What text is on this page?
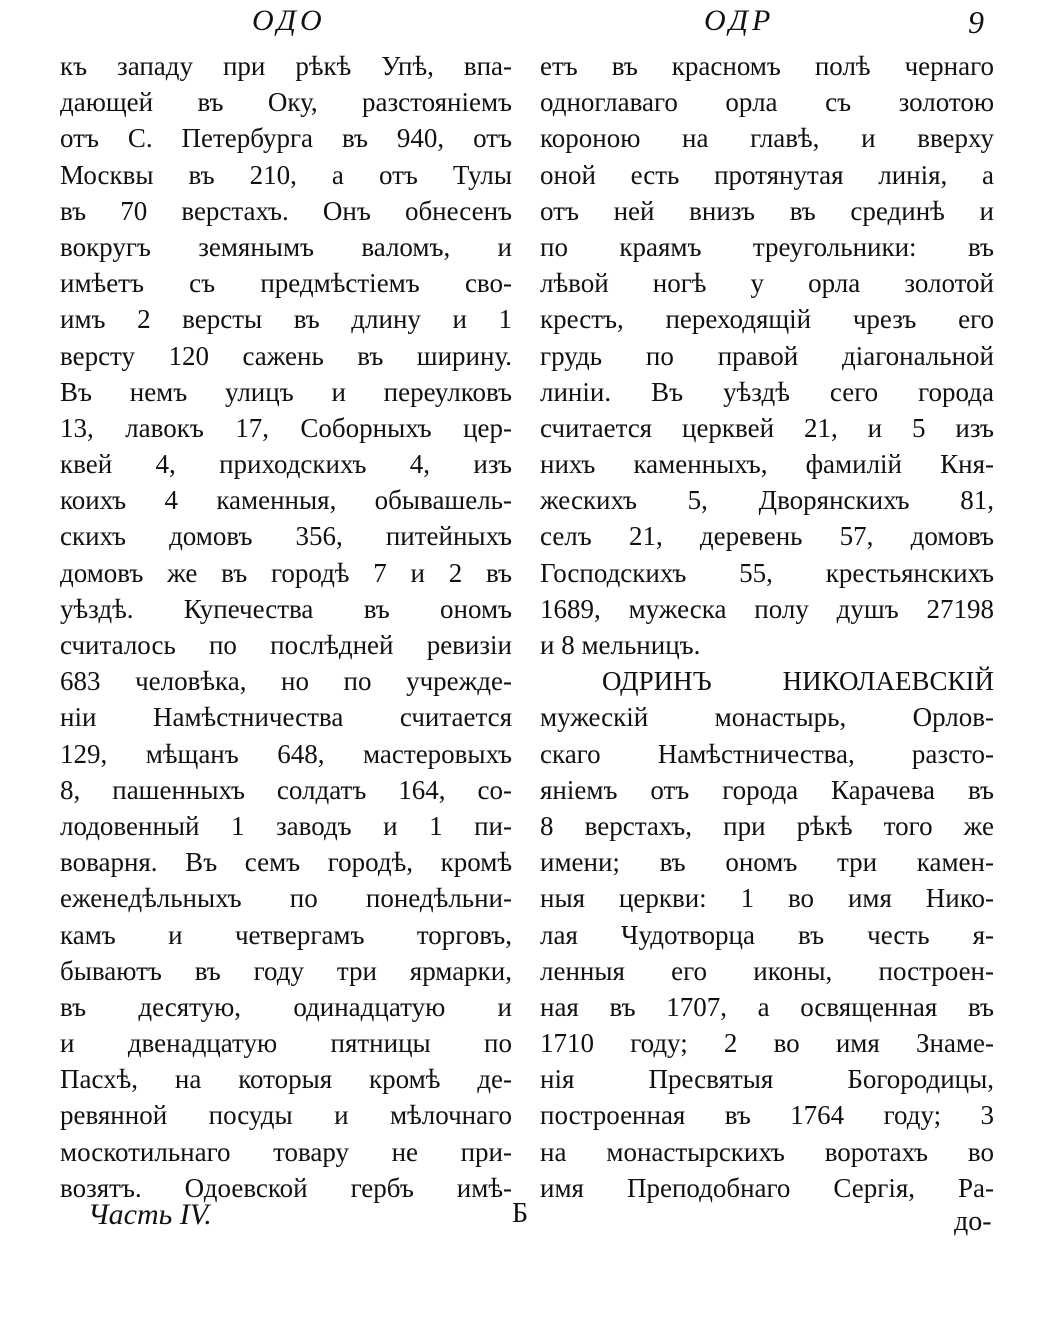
ОДО	ОДР	9
къ западу при рѣкѣ Упѣ, впа-
дающей въ Оку, разстояніемъ
отъ С. Петербурга въ 940, отъ
Москвы въ 210, а отъ Тулы
въ 70 верстахъ. Онъ обнесенъ
вокругъ земянымъ валомъ, и
имѣетъ съ предмѣстіемъ сво-
имъ 2 версты въ длину и 1
версту 120 сажень въ ширину.
Въ немъ улицъ и переулковъ
13, лавокъ 17, Соборныхъ цер-
квей 4, приходскихъ 4, изъ
коихъ 4 каменныя, обывашель-
скихъ домовъ 356, питейныхъ
домовъ же въ городѣ 7 и 2 въ
уѣздѣ. Купечества въ ономъ
считалось по послѣдней ревизіи
683 человѣка, но по учрежде-
ніи Намѣстничества считается
129, мѣщанъ 648, мастеровыхъ
8, пашенныхъ солдатъ 164, со-
лодовенный 1 заводъ и 1 пи-
воварня. Въ семъ городѣ, кромѣ
еженедѣльныхъ по понедѣльни-
камъ и четвергамъ торговъ,
бываютъ въ году три ярмарки,
въ десятую, одинадцатую и
и двенадцатую пятницы по
Пасхѣ, на которыя кромѣ де-
ревянной посуды и мѣлочнаго
москотильнаго товару не при-
возятъ. Одоевской гербъ имѣ-
етъ въ красномъ полѣ чернаго
одноглаваго орла съ золотою
короною на главѣ, и вверху
оной есть протянутая линія, а
отъ ней внизъ въ срединѣ и
по краямъ треугольники: въ
лѣвой ногѣ у орла золотой
крестъ, переходящій чрезъ его
грудь по правой діагональной
линіи. Въ уѣздѣ сего города
считается церквей 21, и 5 изъ
нихъ каменныхъ, фамилій Кня-
жескихъ 5, Дворянскихъ 81,
селъ 21, деревень 57, домовъ
Господскихъ 55, крестьянскихъ
1689, мужеска полу душъ 27198
и 8 мельницъ.
ОДРИНЪ НИКОЛАЕВСКІЙ
мужескій монастырь, Орлов-
скаго Намѣстничества, разсто-
яніемъ отъ города Карачева въ
8 верстахъ, при рѣкѣ того же
имени; въ ономъ три камен-
ныя церкви: 1 во имя Нико-
лая Чудотворца въ честь я-
ленныя его иконы, построен-
ная въ 1707, а освященная въ
1710 году; 2 во имя Знаме-
нія Пресвятыя Богородицы,
построенная въ 1764 году; 3
на монастырскихъ воротахъ во
имя Преподобнаго Сергія, Ра-
Часть IV.	Б	до-
